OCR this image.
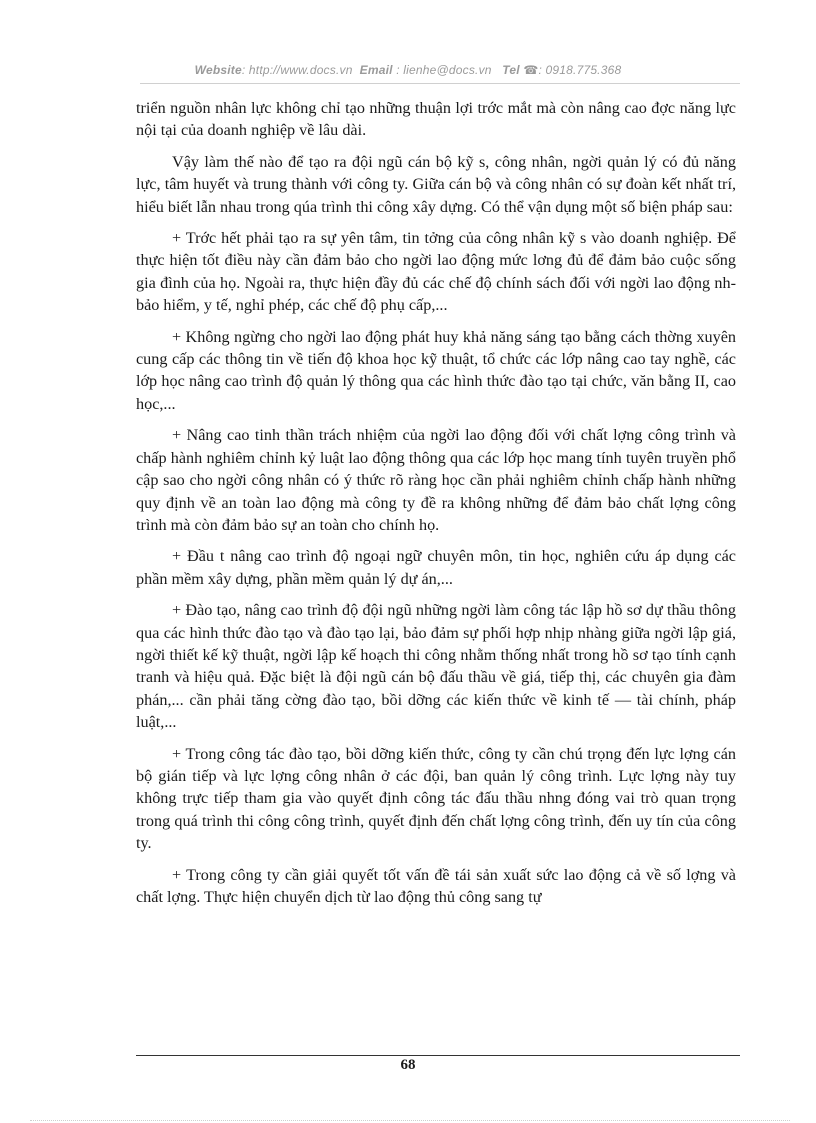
Website: http://www.docs.vn Email : lienhe@docs.vn Tel ☎: 0918.775.368

triển nguồn nhân lực không chỉ tạo những thuận lợi trớc mắt mà còn nâng cao đợc năng lực nội tại của doanh nghiệp về lâu dài.

Vậy làm thế nào để tạo ra đội ngũ cán bộ kỹ s, công nhân, ngời quản lý có đủ năng lực, tâm huyết và trung thành với công ty. Giữa cán bộ và công nhân có sự đoàn kết nhất trí, hiểu biết lẫn nhau trong qúa trình thi công xây dựng. Có thể vận dụng một số biện pháp sau:

+ Trớc hết phải tạo ra sự yên tâm, tin tởng của công nhân kỹ s vào doanh nghiệp. Để thực hiện tốt điều này cần đảm bảo cho ngời lao động mức lơng đủ để đảm bảo cuộc sống gia đình của họ. Ngoài ra, thực hiện đầy đủ các chế độ chính sách đối với ngời lao động nh bảo hiểm, y tế, nghỉ phép, các chế độ phụ cấp,...

+ Không ngừng cho ngời lao động phát huy khả năng sáng tạo bằng cách thờng xuyên cung cấp các thông tin về tiến độ khoa học kỹ thuật, tổ chức các lớp nâng cao tay nghề, các lớp học nâng cao trình độ quản lý thông qua các hình thức đào tạo tại chức, văn bằng II, cao học,...

+ Nâng cao tinh thần trách nhiệm của ngời lao động đối với chất lợng công trình và chấp hành nghiêm chỉnh kỷ luật lao động thông qua các lớp học mang tính tuyên truyền phổ cập sao cho ngời công nhân có ý thức rõ ràng học cần phải nghiêm chỉnh chấp hành những quy định về an toàn lao động mà công ty đề ra không những để đảm bảo chất lợng công trình mà còn đảm bảo sự an toàn cho chính họ.

+ Đầu t nâng cao trình độ ngoại ngữ chuyên môn, tin học, nghiên cứu áp dụng các phần mềm xây dựng, phần mềm quản lý dự án,...

+ Đào tạo, nâng cao trình độ đội ngũ những ngời làm công tác lập hồ sơ dự thầu thông qua các hình thức đào tạo và đào tạo lại, bảo đảm sự phối hợp nhịp nhàng giữa ngời lập giá, ngời thiết kế kỹ thuật, ngời lập kế hoạch thi công nhằm thống nhất trong hồ sơ tạo tính cạnh tranh và hiệu quả. Đặc biệt là đội ngũ cán bộ đấu thầu về giá, tiếp thị, các chuyên gia đàm phán,... cần phải tăng cờng đào tạo, bồi dỡng các kiến thức về kinh tế — tài chính, pháp luật,...

+ Trong công tác đào tạo, bồi dỡng kiến thức, công ty cần chú trọng đến lực lợng cán bộ gián tiếp và lực lợng công nhân ở các đội, ban quản lý công trình. Lực lợng này tuy không trực tiếp tham gia vào quyết định công tác đấu thầu nhng đóng vai trò quan trọng trong quá trình thi công công trình, quyết định đến chất lợng công trình, đến uy tín của công ty.

+ Trong công ty cần giải quyết tốt vấn đề tái sản xuất sức lao động cả về số lợng và chất lợng. Thực hiện chuyển dịch từ lao động thủ công sang tự

68
